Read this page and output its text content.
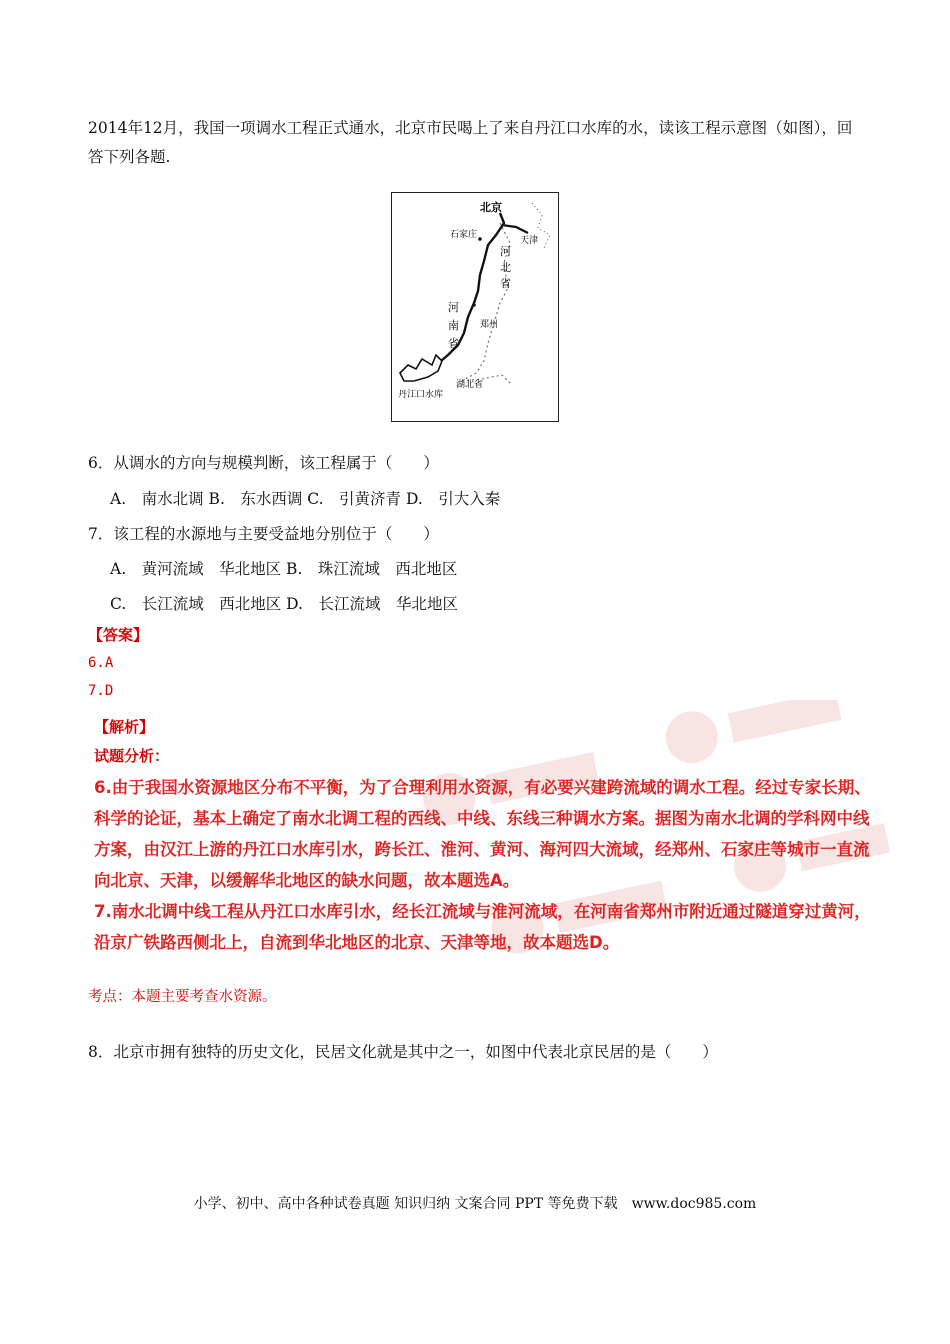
2014年12月，我国一项调水工程正式通水，北京市民喝上了来自丹江口水库的水，读该工程示意图（如图），回答下列各题.
北京
天津
石家庄
河
北
省
河
南
省
郑州
湖北省
丹江口水库
6．从调水的方向与规模判断，该工程属于（　　）
A.　南水北调 B.　东水西调 C.　引黄济青 D.　引大入秦
7．该工程的水源地与主要受益地分别位于（　　）
A.　黄河流域　华北地区 B.　珠江流域　西北地区
C.　长江流域　西北地区 D.　长江流域　华北地区
【答案】
6.A
7.D
【解析】
试题分析：

6.由于我国水资源地区分布不平衡，为了合理利用水资源，有必要兴建跨流域的调水工程。经过专家长期、科学的论证，基本上确定了南水北调工程的西线、中线、东线三种调水方案。据图为南水北调的学科网中线方案，由汉江上游的丹江口水库引水，跨长江、淮河、黄河、海河四大流域，经郑州、石家庄等城市一直流向北京、天津，以缓解华北地区的缺水问题，故本题选A。

7.南水北调中线工程从丹江口水库引水，经长江流域与淮河流域，在河南省郑州市附近通过隧道穿过黄河，沿京广铁路西侧北上，自流到华北地区的北京、天津等地，故本题选D。

考点：本题主要考查水资源。
8．北京市拥有独特的历史文化，民居文化就是其中之一，如图中代表北京民居的是（　　）
小学、初中、高中各种试卷真题 知识归纳 文案合同 PPT 等免费下载　www.doc985.com
